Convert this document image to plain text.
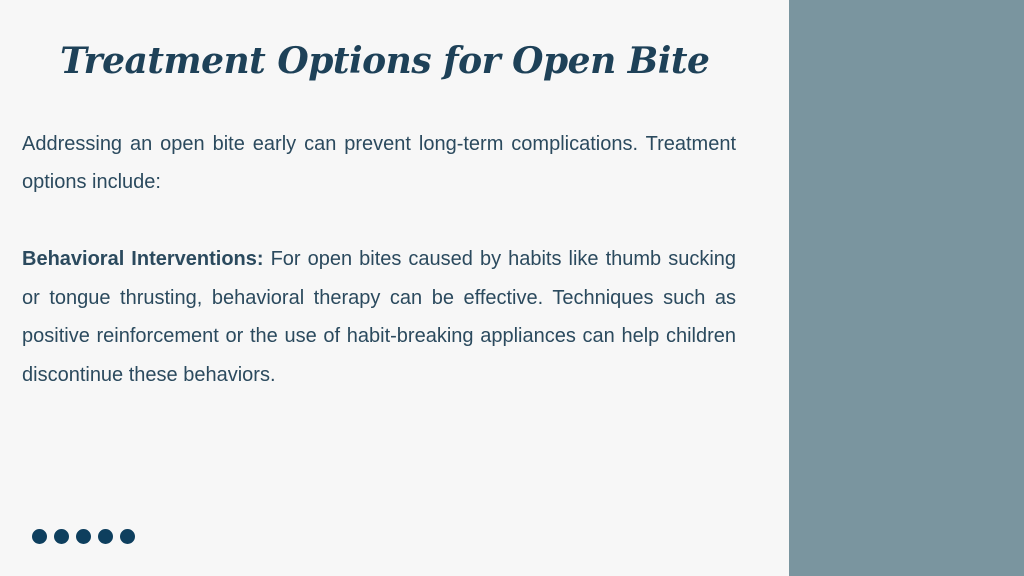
Treatment Options for Open Bite

Addressing an open bite early can prevent long-term complications. Treatment options include:

Behavioral Interventions: For open bites caused by habits like thumb sucking or tongue thrusting, behavioral therapy can be effective. Techniques such as positive reinforcement or the use of habit-breaking appliances can help children discontinue these behaviors.
